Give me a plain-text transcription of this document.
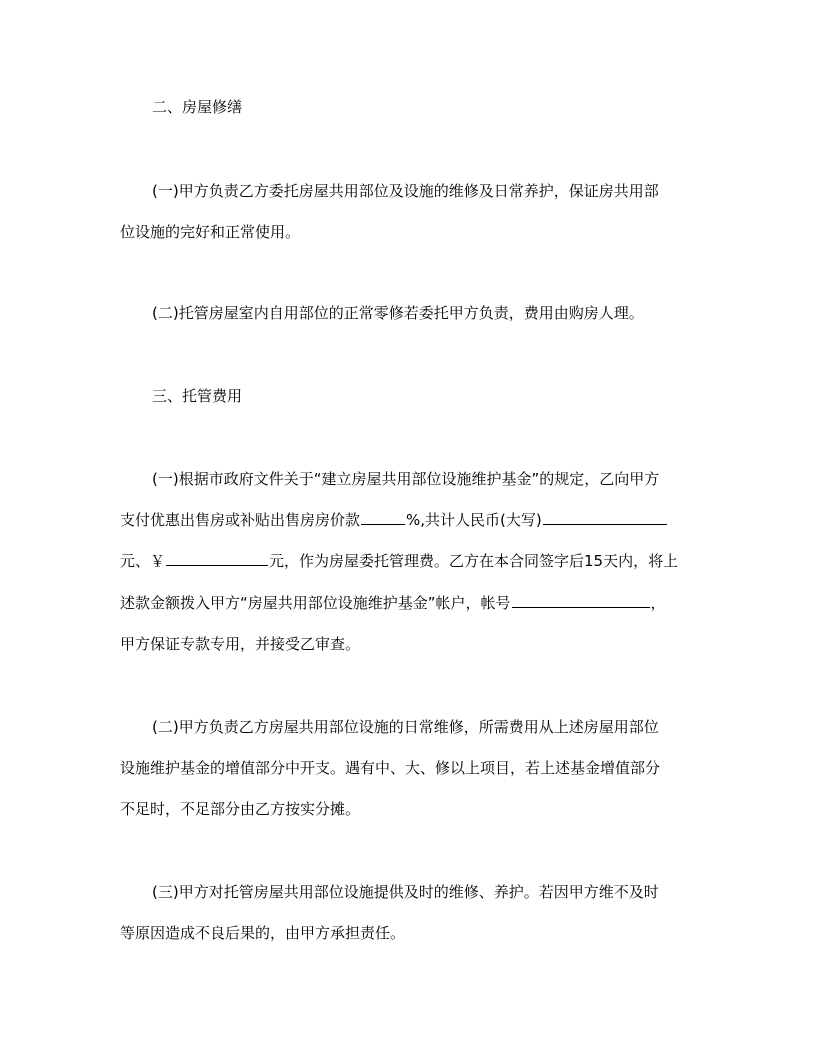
二、房屋修缮
(一)甲方负责乙方委托房屋共用部位及设施的维修及日常养护，保证房共用部
位设施的完好和正常使用。
(二)托管房屋室内自用部位的正常零修若委托甲方负责，费用由购房人理。
三、托管费用
(一)根据市政府文件关于“建立房屋共用部位设施维护基金”的规定，乙向甲方
支付优惠出售房或补贴出售房房价款	%,共计人民币(大写)
元、￥	元，作为房屋委托管理费。乙方在本合同签字后15天内，将上
述款金额拨入甲方“房屋共用部位设施维护基金”帐户，帐号	，
甲方保证专款专用，并接受乙审查。
(二)甲方负责乙方房屋共用部位设施的日常维修，所需费用从上述房屋用部位
设施维护基金的增值部分中开支。遇有中、大、修以上项目，若上述基金增值部分
不足时，不足部分由乙方按实分摊。
(三)甲方对托管房屋共用部位设施提供及时的维修、养护。若因甲方维不及时
等原因造成不良后果的，由甲方承担责任。
